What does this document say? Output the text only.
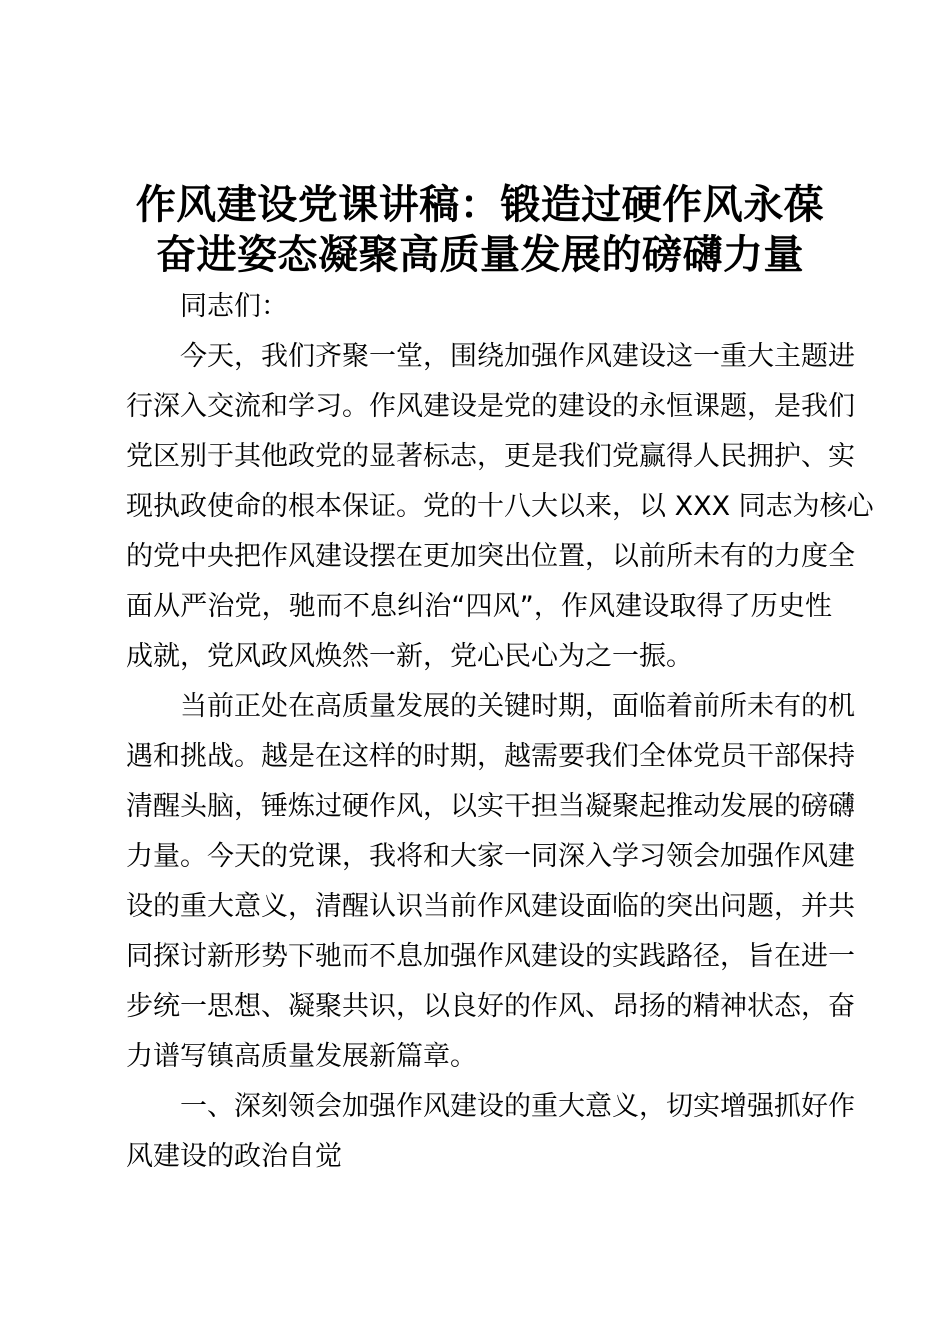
作风建设党课讲稿：锻造过硬作风永葆
奋进姿态凝聚高质量发展的磅礴力量

同志们：

今天，我们齐聚一堂，围绕加强作风建设这一重大主题进
行深入交流和学习。作风建设是党的建设的永恒课题，是我们
党区别于其他政党的显著标志，更是我们党赢得人民拥护、实
现执政使命的根本保证。党的十八大以来，以 XXX 同志为核心
的党中央把作风建设摆在更加突出位置，以前所未有的力度全
面从严治党，驰而不息纠治“四风”，作风建设取得了历史性
成就，党风政风焕然一新，党心民心为之一振。

当前正处在高质量发展的关键时期，面临着前所未有的机
遇和挑战。越是在这样的时期，越需要我们全体党员干部保持
清醒头脑，锤炼过硬作风，以实干担当凝聚起推动发展的磅礴
力量。今天的党课，我将和大家一同深入学习领会加强作风建
设的重大意义，清醒认识当前作风建设面临的突出问题，并共
同探讨新形势下驰而不息加强作风建设的实践路径，旨在进一
步统一思想、凝聚共识，以良好的作风、昂扬的精神状态，奋
力谱写镇高质量发展新篇章。

一、深刻领会加强作风建设的重大意义，切实增强抓好作
风建设的政治自觉
